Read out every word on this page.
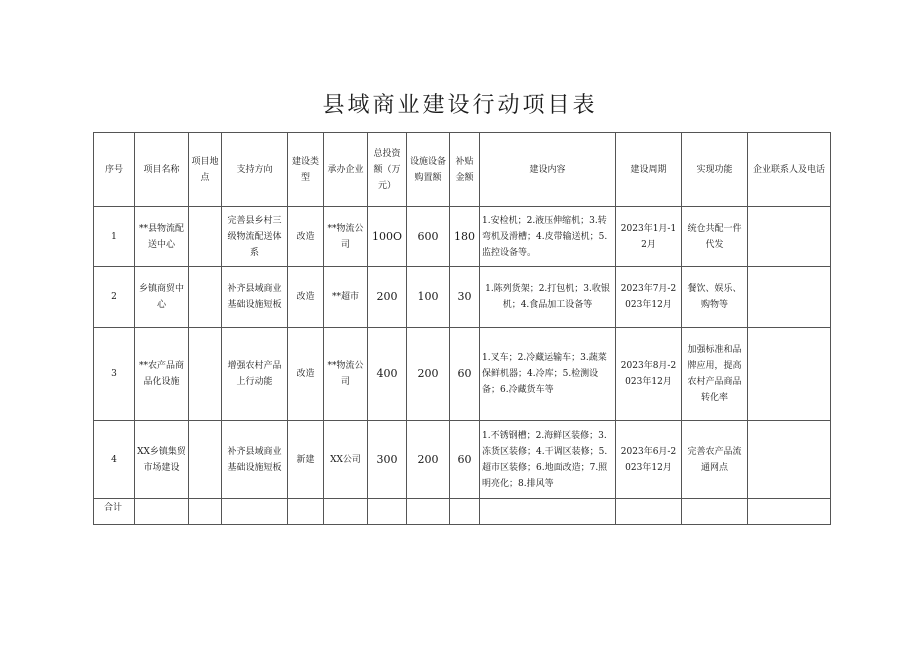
县域商业建设行动项目表
序号	项目名称	项目地点	支持方向	建设类型	承办企业	总投资额（万元）	设施设备购置额	补贴金额	建设内容	建设周期	实现功能	企业联系人及电话
1	**县物流配送中心		完善县乡村三级物流配送体系	改造	**物流公司	100O	600	180	1.安检机；2.液压伸缩机；3.转弯机及滑槽；4.皮带输送机；5.监控设备等。	2023年1月-12月	统仓共配一件代发	
2	乡镇商贸中心		补齐县域商业基础设施短板	改造	**超市	200	100	30	1.陈列货架；2.打包机；3.收银机；4.食品加工设备等	2023年7月-2023年12月	餐饮、娱乐、购物等	
3	**农产品商品化设施		增强农村产品上行动能	改造	**物流公司	400	200	60	1.叉车；2.冷藏运输车；3.蔬菜保鲜机器；4.冷库；5.检测设备；6.冷藏货车等	2023年8月-2023年12月	加强标准和品牌应用，提高农村产品商品转化率	
4	XX乡镇集贸市场建设		补齐县域商业基础设施短板	新建	XX公司	300	200	60	1.不锈钢槽；2.海鲜区装修；3.冻货区装修；4.干调区装修；5.超市区装修；6.地面改造；7.照明亮化；8.排风等	2023年6月-2023年12月	完善农产品流通网点	
合计												
